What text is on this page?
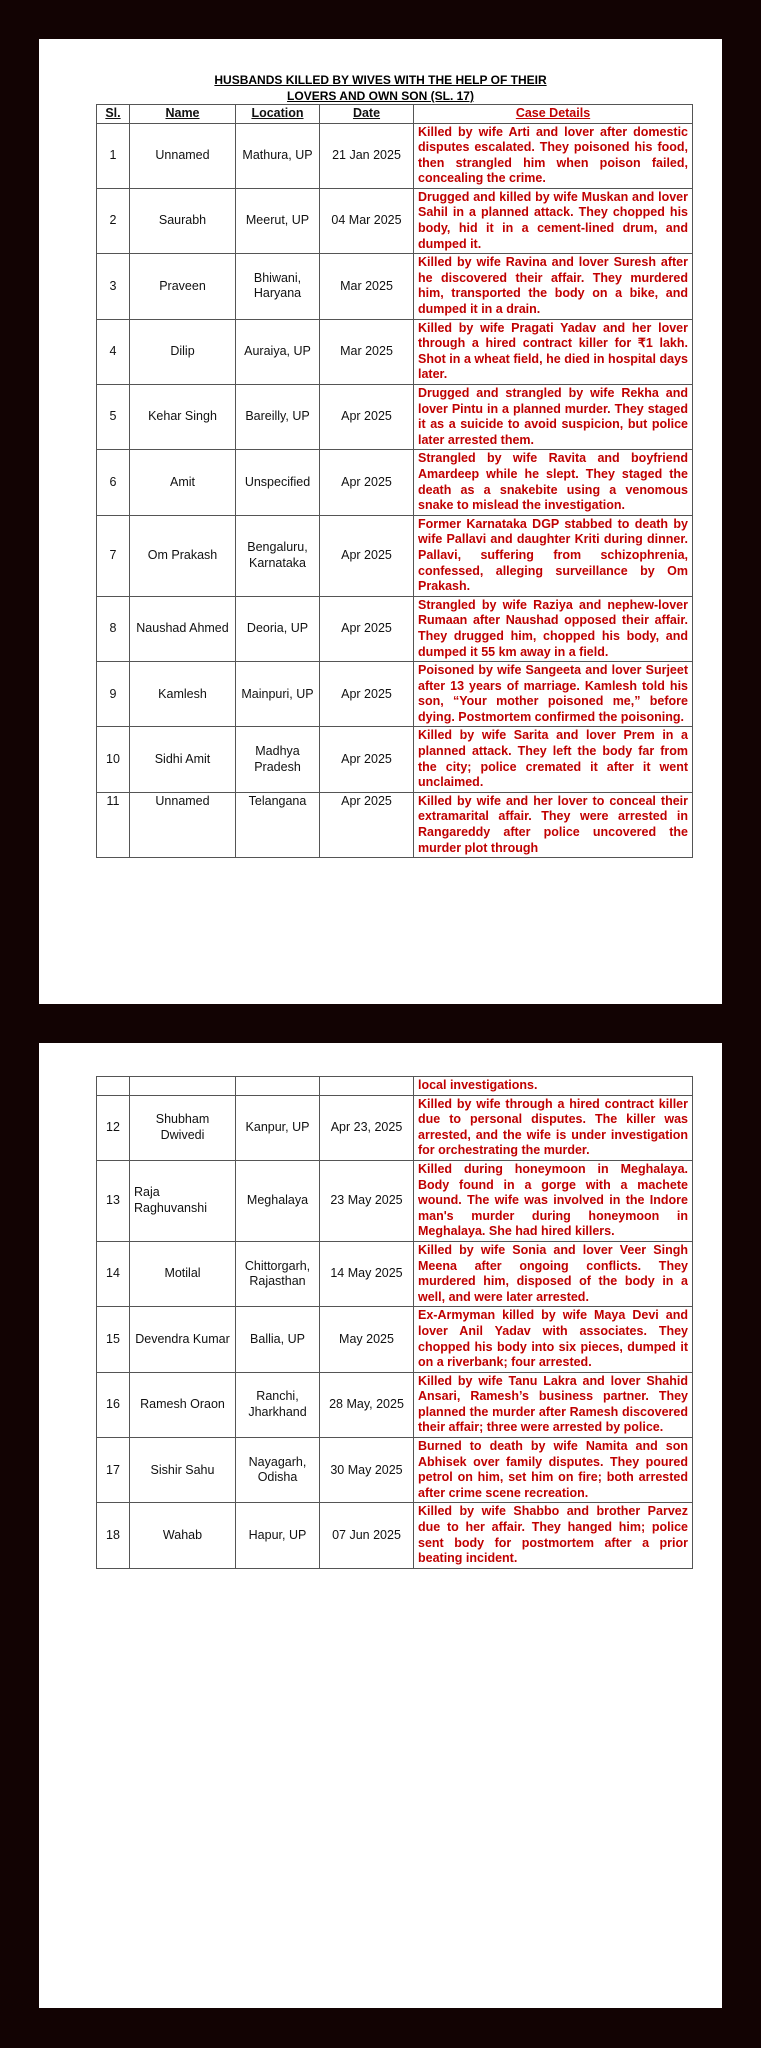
HUSBANDS KILLED BY WIVES WITH THE HELP OF THEIR
LOVERS AND OWN SON (SL. 17)
Sl.	Name	Location	Date	Case Details
1	Unnamed	Mathura, UP	21 Jan 2025	Killed by wife Arti and lover after domestic disputes escalated. They poisoned his food, then strangled him when poison failed, concealing the crime.
2	Saurabh	Meerut, UP	04 Mar 2025	Drugged and killed by wife Muskan and lover Sahil in a planned attack. They chopped his body, hid it in a cement-lined drum, and dumped it.
3	Praveen	Bhiwani, Haryana	Mar 2025	Killed by wife Ravina and lover Suresh after he discovered their affair. They murdered him, transported the body on a bike, and dumped it in a drain.
4	Dilip	Auraiya, UP	Mar 2025	Killed by wife Pragati Yadav and her lover through a hired contract killer for ₹1 lakh. Shot in a wheat field, he died in hospital days later.
5	Kehar Singh	Bareilly, UP	Apr 2025	Drugged and strangled by wife Rekha and lover Pintu in a planned murder. They staged it as a suicide to avoid suspicion, but police later arrested them.
6	Amit	Unspecified	Apr 2025	Strangled by wife Ravita and boyfriend Amardeep while he slept. They staged the death as a snakebite using a venomous snake to mislead the investigation.
7	Om Prakash	Bengaluru, Karnataka	Apr 2025	Former Karnataka DGP stabbed to death by wife Pallavi and daughter Kriti during dinner. Pallavi, suffering from schizophrenia, confessed, alleging surveillance by Om Prakash.
8	Naushad Ahmed	Deoria, UP	Apr 2025	Strangled by wife Raziya and nephew-lover Rumaan after Naushad opposed their affair. They drugged him, chopped his body, and dumped it 55 km away in a field.
9	Kamlesh	Mainpuri, UP	Apr 2025	Poisoned by wife Sangeeta and lover Surjeet after 13 years of marriage. Kamlesh told his son, “Your mother poisoned me,” before dying. Postmortem confirmed the poisoning.
10	Sidhi Amit	Madhya Pradesh	Apr 2025	Killed by wife Sarita and lover Prem in a planned attack. They left the body far from the city; police cremated it after it went unclaimed.
11	Unnamed	Telangana	Apr 2025	Killed by wife and her lover to conceal their extramarital affair. They were arrested in Rangareddy after police uncovered the murder plot through
				local investigations.
12	Shubham Dwivedi	Kanpur, UP	Apr 23, 2025	Killed by wife through a hired contract killer due to personal disputes. The killer was arrested, and the wife is under investigation for orchestrating the murder.
13	Raja Raghuvanshi	Meghalaya	23 May 2025	Killed during honeymoon in Meghalaya. Body found in a gorge with a machete wound. The wife was involved in the Indore man's murder during honeymoon in Meghalaya. She had hired killers.
14	Motilal	Chittorgarh, Rajasthan	14 May 2025	Killed by wife Sonia and lover Veer Singh Meena after ongoing conflicts. They murdered him, disposed of the body in a well, and were later arrested.
15	Devendra Kumar	Ballia, UP	May 2025	Ex-Armyman killed by wife Maya Devi and lover Anil Yadav with associates. They chopped his body into six pieces, dumped it on a riverbank; four arrested.
16	Ramesh Oraon	Ranchi, Jharkhand	28 May, 2025	Killed by wife Tanu Lakra and lover Shahid Ansari, Ramesh’s business partner. They planned the murder after Ramesh discovered their affair; three were arrested by police.
17	Sishir Sahu	Nayagarh, Odisha	30 May 2025	Burned to death by wife Namita and son Abhisek over family disputes. They poured petrol on him, set him on fire; both arrested after crime scene recreation.
18	Wahab	Hapur, UP	07 Jun 2025	Killed by wife Shabbo and brother Parvez due to her affair. They hanged him; police sent body for postmortem after a prior beating incident.
